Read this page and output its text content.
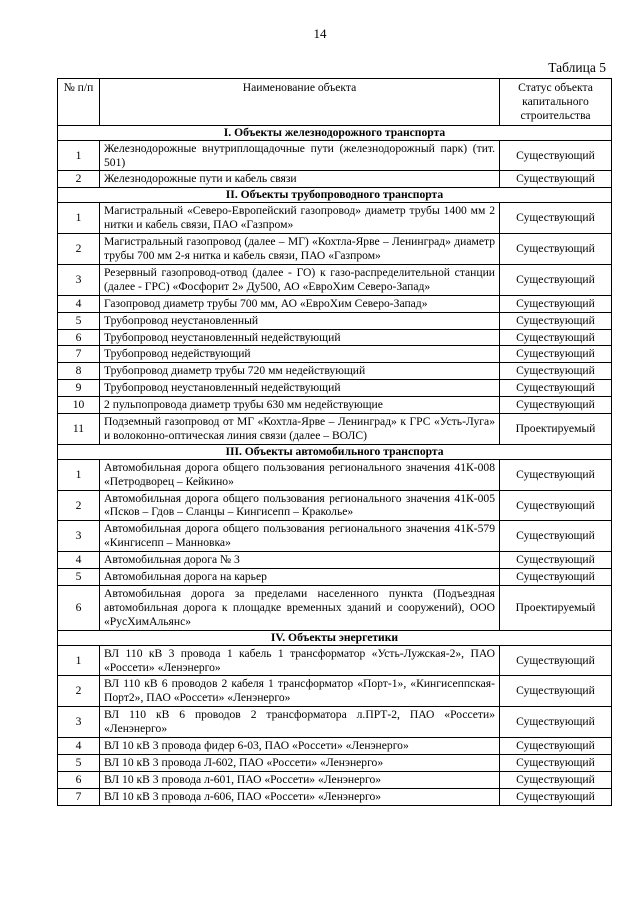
14
Таблица 5
№ п/п	Наименование объекта	Статус объекта капитального строительства
I. Объекты железнодорожного транспорта		
1	Железнодорожные внутриплощадочные пути (железнодорожный парк) (тит. 501)	Существующий
2	Железнодорожные пути и кабель связи	Существующий
II. Объекты трубопроводного транспорта		
1	Магистральный «Северо-Европейский газопровод» диаметр трубы 1400 мм 2 нитки и кабель связи, ПАО «Газпром»	Существующий
2	Магистральный газопровод (далее – МГ) «Кохтла-Ярве – Ленинград» диаметр трубы 700 мм 2-я нитка и кабель связи, ПАО «Газпром»	Существующий
3	Резервный газопровод-отвод (далее - ГО) к газо-распределительной станции (далее - ГРС) «Фосфорит 2» Ду500, АО «ЕвроХим Северо-Запад»	Существующий
4	Газопровод диаметр трубы 700 мм, АО «ЕвроХим Северо-Запад»	Существующий
5	Трубопровод неустановленный	Существующий
6	Трубопровод неустановленный недействующий	Существующий
7	Трубопровод недействующий	Существующий
8	Трубопровод диаметр трубы 720 мм недействующий	Существующий
9	Трубопровод неустановленный недействующий	Существующий
10	2 пульпопровода диаметр трубы 630 мм недействующие	Существующий
11	Подземный газопровод от МГ «Кохтла-Ярве – Ленинград» к ГРС «Усть-Луга» и волоконно-оптическая линия связи (далее – ВОЛС)	Проектируемый
III. Объекты автомобильного транспорта		
1	Автомобильная дорога общего пользования регионального значения 41К-008 «Петродворец – Кейкино»	Существующий
2	Автомобильная дорога общего пользования регионального значения 41К-005 «Псков – Гдов – Сланцы – Кингисепп – Краколье»	Существующий
3	Автомобильная дорога общего пользования регионального значения 41К-579 «Кингисепп – Манновка»	Существующий
4	Автомобильная дорога № 3	Существующий
5	Автомобильная дорога на карьер	Существующий
6	Автомобильная дорога за пределами населенного пункта (Подъездная автомобильная дорога к площадке временных зданий и сооружений), ООО «РусХимАльянс»	Проектируемый
IV. Объекты энергетики		
1	ВЛ 110 кВ 3 провода 1 кабель 1 трансформатор «Усть-Лужская-2», ПАО «Россети» «Ленэнерго»	Существующий
2	ВЛ 110 кВ 6 проводов 2 кабеля 1 трансформатор «Порт-1», «Кингисеппская-Порт2», ПАО «Россети» «Ленэнерго»	Существующий
3	ВЛ 110 кВ 6 проводов 2 трансформатора л.ПРТ-2, ПАО «Россети» «Ленэнерго»	Существующий
4	ВЛ 10 кВ 3 провода фидер 6-03, ПАО «Россети» «Ленэнерго»	Существующий
5	ВЛ 10 кВ 3 провода Л-602, ПАО «Россети» «Ленэнерго»	Существующий
6	ВЛ 10 кВ 3 провода л-601, ПАО «Россети» «Ленэнерго»	Существующий
7	ВЛ 10 кВ 3 провода л-606, ПАО «Россети» «Ленэнерго»	Существующий
